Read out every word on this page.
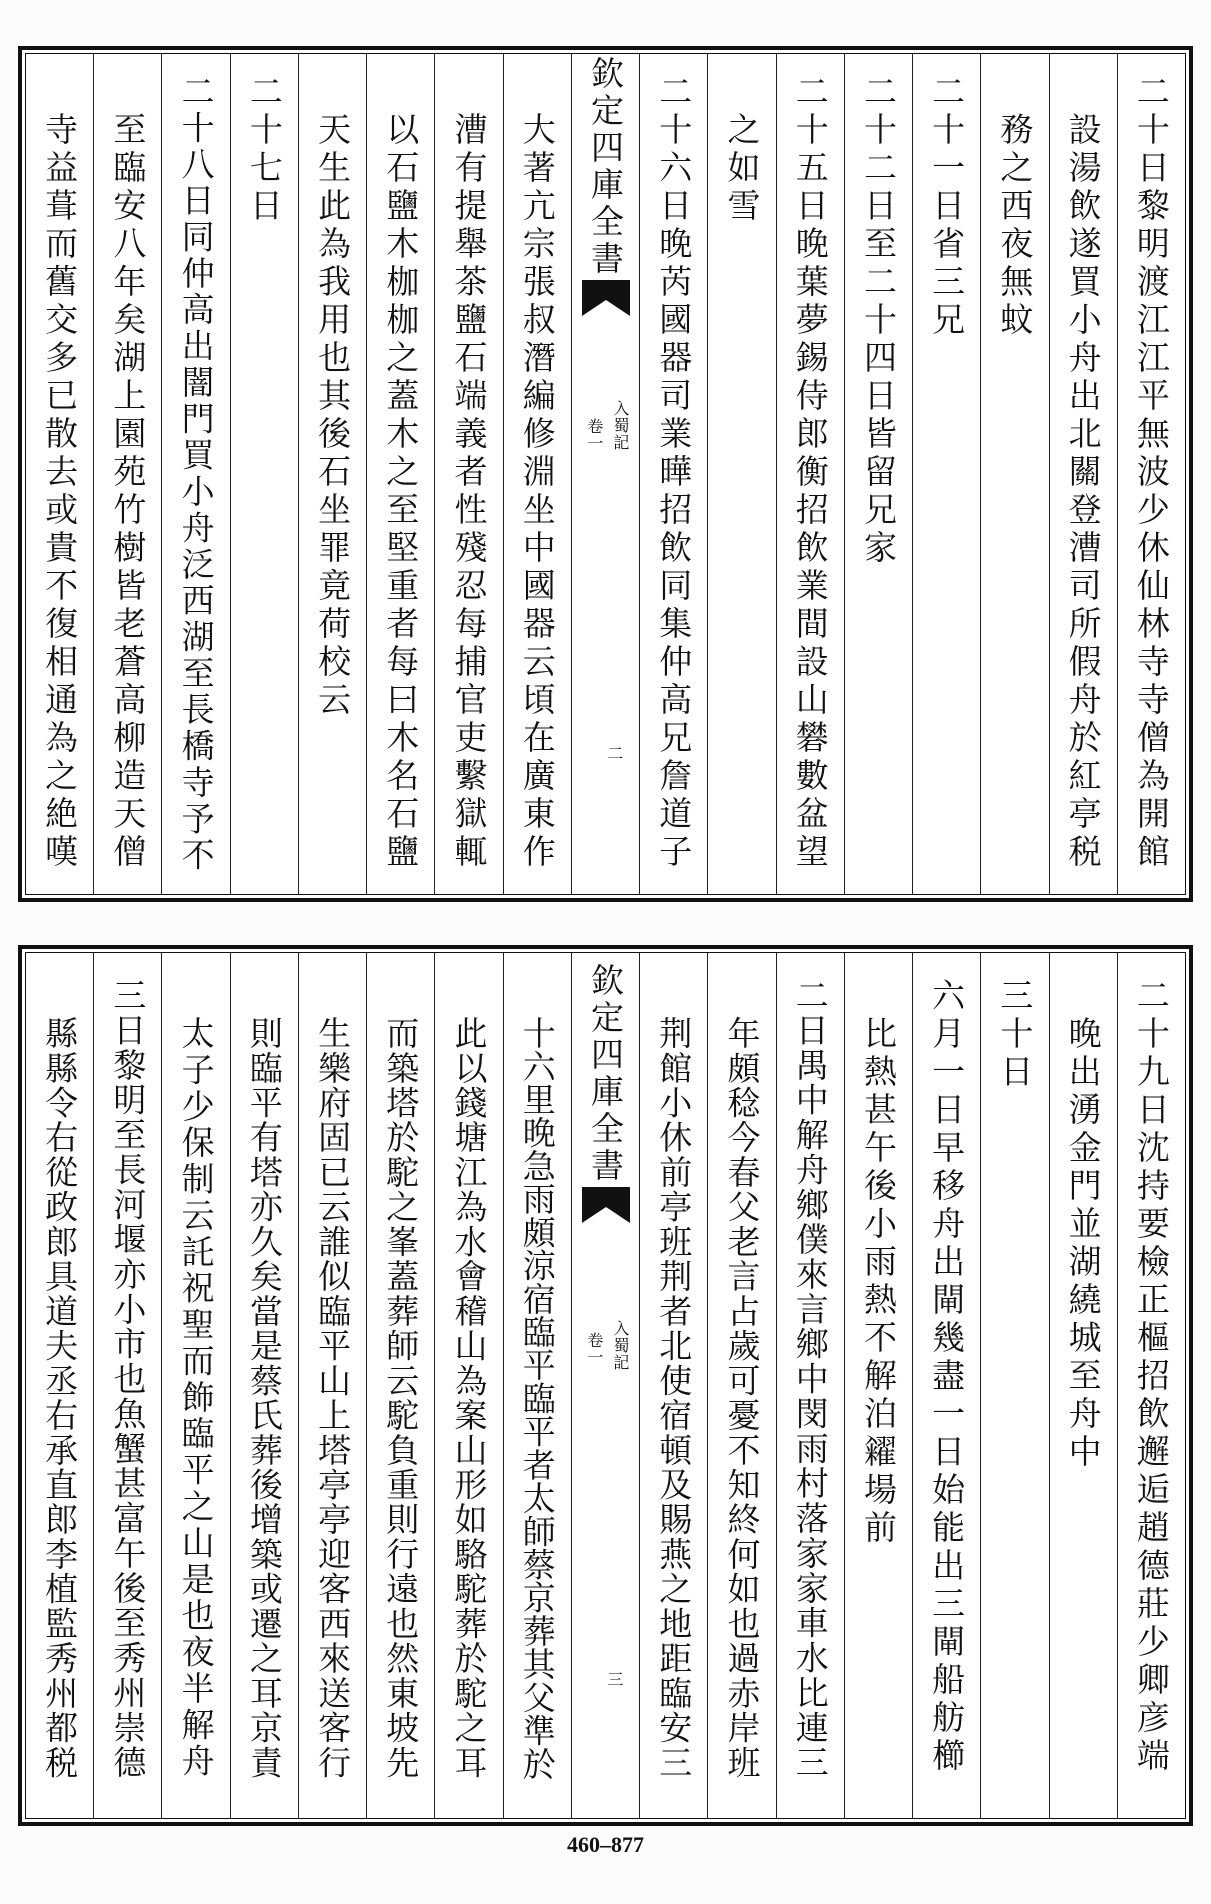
二十日黎明渡江江平無波少休仙林寺寺僧為開館
設湯飲遂買小舟出北關登漕司所假舟於紅亭税
務之西夜無蚊
二十一日省三兄
二十二日至二十四日皆留兄家
二十五日晚葉夢錫侍郎衡招飲業間設山礬數盆望
之如雪
二十六日晚芮國器司業曄招飲同集仲高兄詹道子
欽定四庫全書
入蜀記
卷一
二
大著亢宗張叔潛編修淵坐中國器云頃在廣東作
漕有提舉茶鹽石端義者性殘忍每捕官吏繫獄輒
以石鹽木枷枷之蓋木之至堅重者每曰木名石鹽
天生此為我用也其後石坐罪竟荷校云
二十七日
二十八日同仲高出闇門買小舟泛西湖至長橋寺予不
至臨安八年矣湖上園苑竹樹皆老蒼高柳造天僧
寺益葺而舊交多已散去或貴不復相通為之絶嘆
二十九日沈持要檢正樞招飲邂逅趙德莊少卿彦端
晚出湧金門並湖繞城至舟中
三十日
六月一日早移舟出閘幾盡一日始能出三閘船舫櫛
比熱甚午後小雨熱不解泊糴場前
二日禺中解舟鄉僕來言鄉中閔雨村落家家車水比連三
年頗稔今春父老言占歲可憂不知終何如也過赤岸班
荆館小休前亭班荆者北使宿頓及賜燕之地距臨安三
欽定四庫全書
入蜀記
卷一
三
十六里晚急雨頗涼宿臨平臨平者太師蔡京葬其父準於
此以錢塘江為水會稽山為案山形如駱駝葬於駝之耳
而築塔於駝之峯蓋葬師云駝負重則行遠也然東坡先
生樂府固已云誰似臨平山上塔亭亭迎客西來送客行
則臨平有塔亦久矣當是蔡氏葬後增築或遷之耳京責
太子少保制云託祝聖而飾臨平之山是也夜半解舟
三日黎明至長河堰亦小市也魚蟹甚富午後至秀州崇德
縣縣令右從政郎具道夫丞右承直郎李植監秀州都税
460–877
